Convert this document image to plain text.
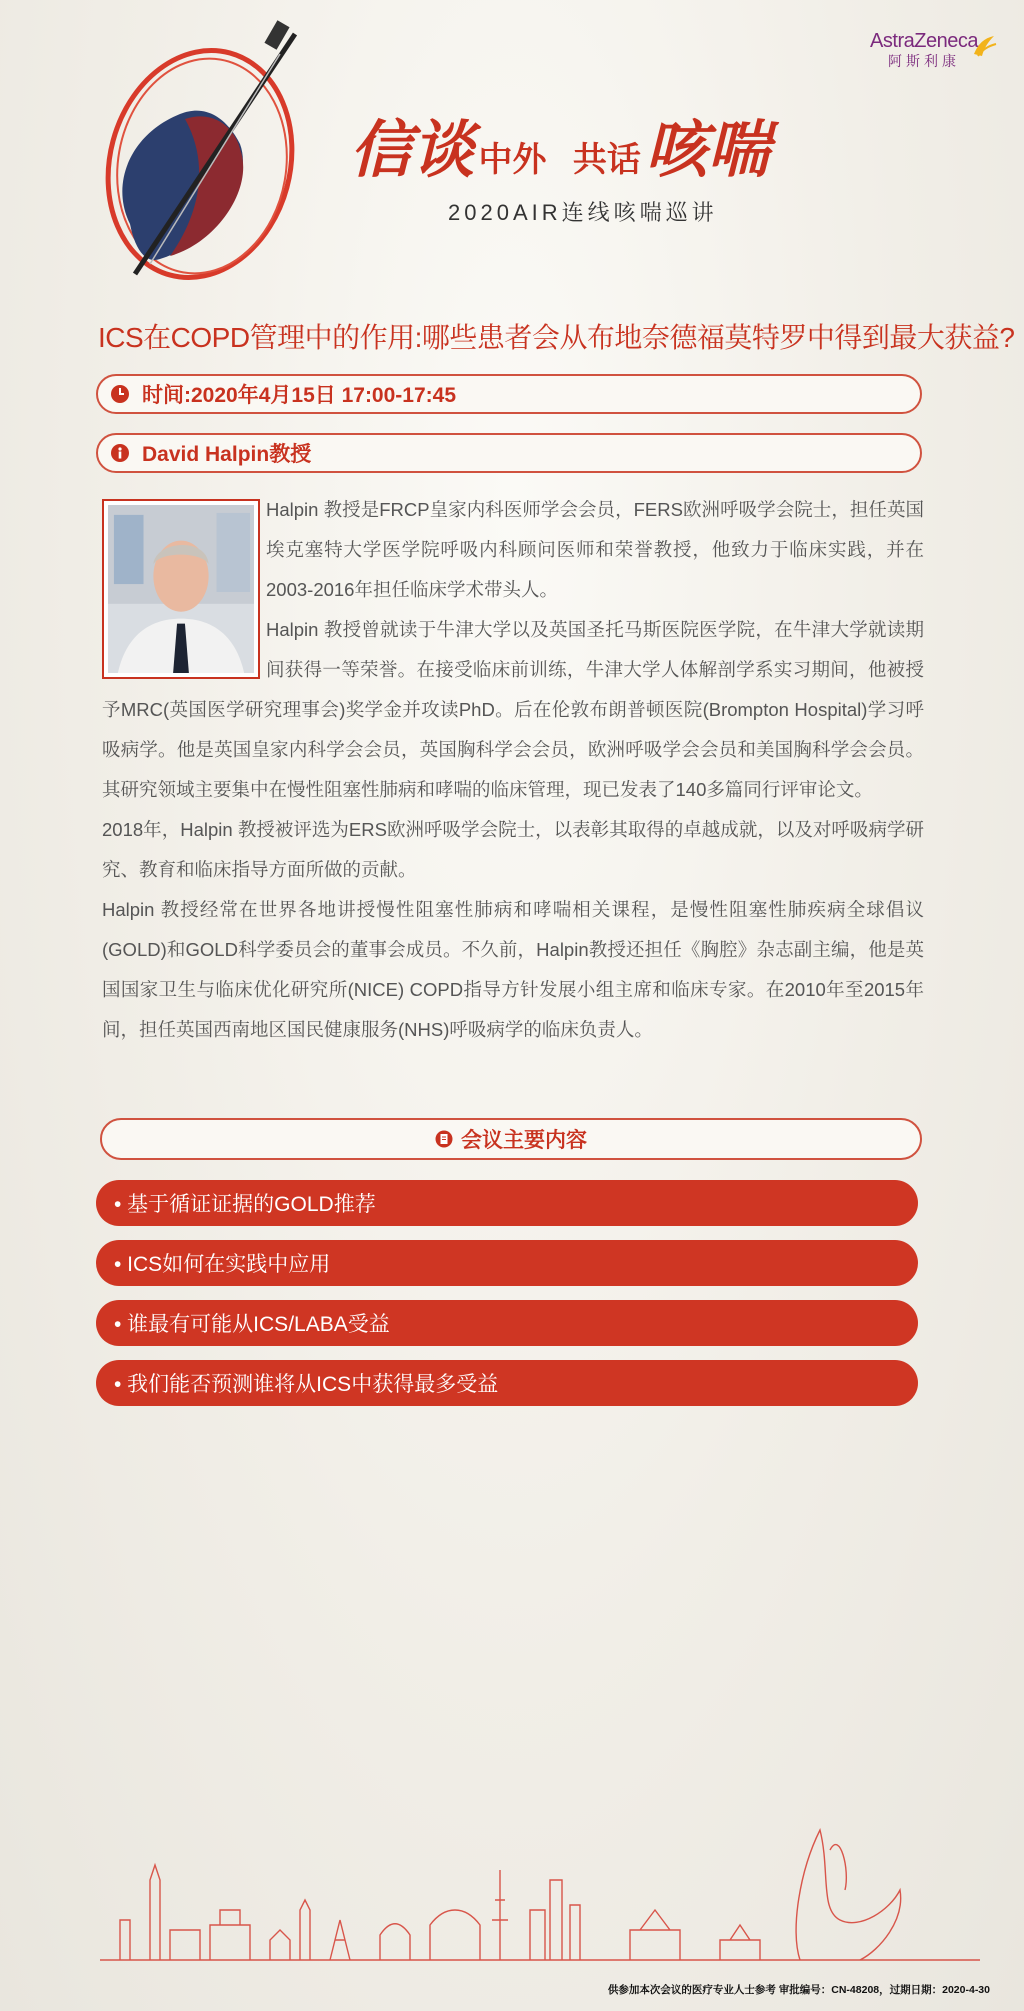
AstraZeneca
阿斯利康
信谈 中外 共话 咳喘
2020AIR连线咳喘巡讲
ICS在COPD管理中的作用:哪些患者会从布地奈德福莫特罗中得到最大获益?
时间:2020年4月15日 17:00-17:45
David Halpin教授

Halpin 教授是FRCP皇家内科医师学会会员，FERS欧洲呼吸学会院士，担任英国埃克塞特大学医学院呼吸内科顾问医师和荣誉教授，他致力于临床实践，并在2003-2016年担任临床学术带头人。

Halpin 教授曾就读于牛津大学以及英国圣托马斯医院医学院，在牛津大学就读期间获得一等荣誉。在接受临床前训练，牛津大学人体解剖学系实习期间，他被授予MRC(英国医学研究理事会)奖学金并攻读PhD。后在伦敦布朗普顿医院(Brompton Hospital)学习呼吸病学。他是英国皇家内科学会会员，英国胸科学会会员，欧洲呼吸学会会员和美国胸科学会会员。其研究领域主要集中在慢性阻塞性肺病和哮喘的临床管理，现已发表了140多篇同行评审论文。

2018年，Halpin 教授被评选为ERS欧洲呼吸学会院士，以表彰其取得的卓越成就，以及对呼吸病学研究、教育和临床指导方面所做的贡献。

Halpin 教授经常在世界各地讲授慢性阻塞性肺病和哮喘相关课程，是慢性阻塞性肺疾病全球倡议(GOLD)和GOLD科学委员会的董事会成员。不久前，Halpin教授还担任《胸腔》杂志副主编，他是英国国家卫生与临床优化研究所(NICE) COPD指导方针发展小组主席和临床专家。在2010年至2015年间，担任英国西南地区国民健康服务(NHS)呼吸病学的临床负责人。

会议主要内容
• 基于循证证据的GOLD推荐
• ICS如何在实践中应用
• 谁最有可能从ICS/LABA受益
• 我们能否预测谁将从ICS中获得最多受益
供参加本次会议的医疗专业人士参考 审批编号：CN-48208，过期日期：2020-4-30
